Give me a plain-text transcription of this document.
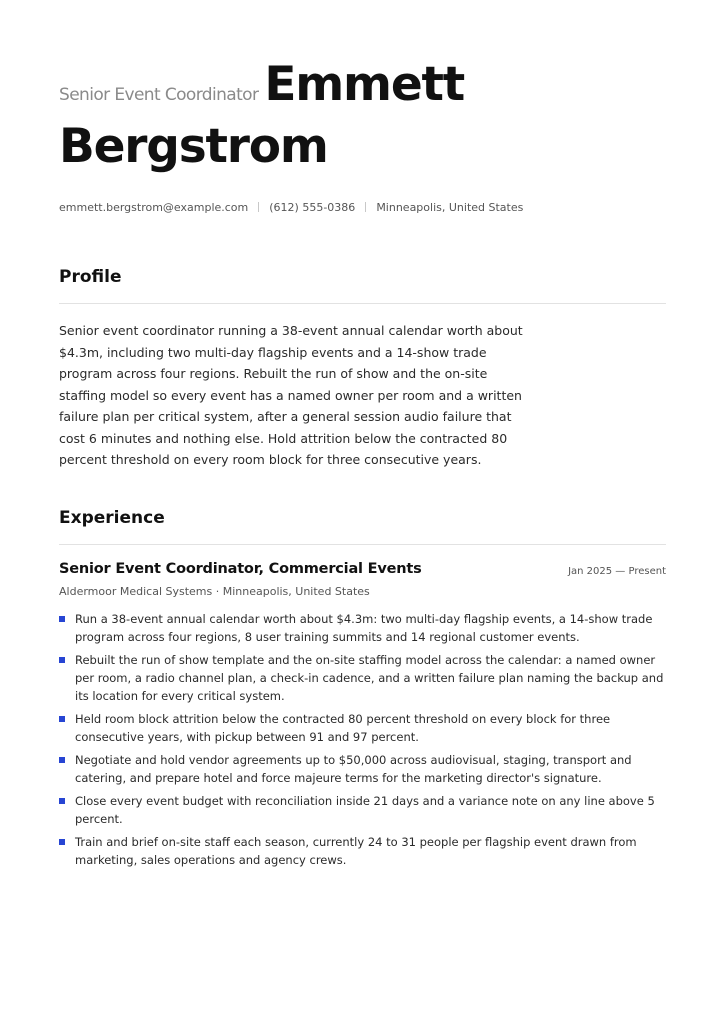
Senior Event Coordinator Emmett
Bergstrom
emmett.bergstrom@example.com (612) 555-0386 Minneapolis, United States
Profile
Senior event coordinator running a 38-event annual calendar worth about $4.3m, including two multi-day flagship events and a 14-show trade program across four regions. Rebuilt the run of show and the on-site staffing model so every event has a named owner per room and a written failure plan per critical system, after a general session audio failure that cost 6 minutes and nothing else. Hold attrition below the contracted 80 percent threshold on every room block for three consecutive years.
Experience
Senior Event Coordinator, Commercial Events	Jan 2025 — Present
Aldermoor Medical Systems · Minneapolis, United States
Run a 38-event annual calendar worth about $4.3m: two multi-day flagship events, a 14-show trade program across four regions, 8 user training summits and 14 regional customer events.
Rebuilt the run of show template and the on-site staffing model across the calendar: a named owner per room, a radio channel plan, a check-in cadence, and a written failure plan naming the backup and its location for every critical system.
Held room block attrition below the contracted 80 percent threshold on every block for three consecutive years, with pickup between 91 and 97 percent.
Negotiate and hold vendor agreements up to $50,000 across audiovisual, staging, transport and catering, and prepare hotel and force majeure terms for the marketing director's signature.
Close every event budget with reconciliation inside 21 days and a variance note on any line above 5 percent.
Train and brief on-site staff each season, currently 24 to 31 people per flagship event drawn from marketing, sales operations and agency crews.
